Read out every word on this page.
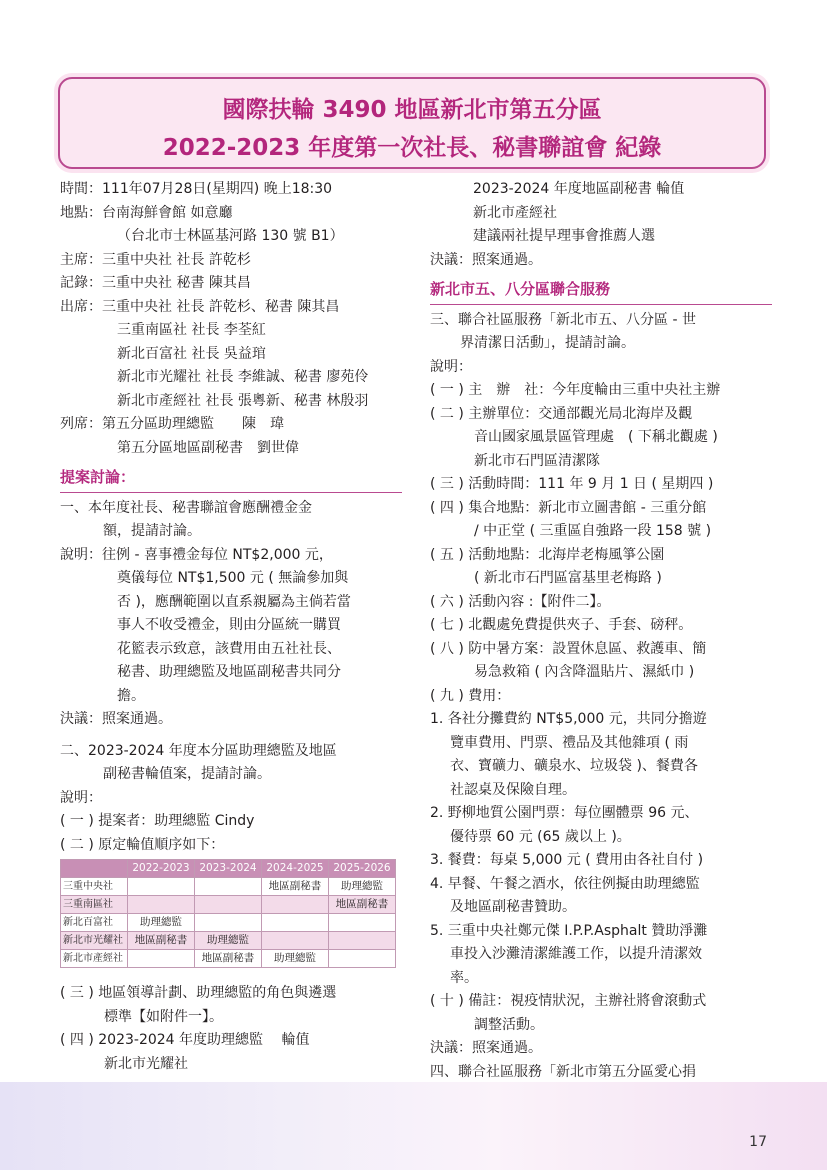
17
國際扶輪 3490 地區新北市第五分區
2022-2023 年度第一次社長、秘書聯誼會 紀錄
時間：111年07月28日(星期四) 晚上18:30
地點：台南海鮮會館 如意廳
（台北市士林區基河路 130 號 B1）
主席：三重中央社 社長 許乾杉
記錄：三重中央社 秘書 陳其昌
出席：三重中央社 社長 許乾杉、秘書 陳其昌
三重南區社 社長 李荃紅
新北百富社 社長 吳益琯
新北市光耀社 社長 李維誠、秘書 廖苑伶
新北市產經社 社長 張粵新、秘書 林殷羽
列席：第五分區助理總監　　陳　瑋
第五分區地區副秘書　劉世偉
提案討論：
一、本年度社長、秘書聯誼會應酬禮金金
額，提請討論。
說明：往例 - 喜事禮金每位 NT$2,000 元，
奠儀每位 NT$1,500 元 ( 無論參加與
否 )，應酬範圍以直系親屬為主倘若當
事人不收受禮金，則由分區統一購買
花籃表示致意，該費用由五社社長、
秘書、助理總監及地區副秘書共同分
擔。
決議：照案通過。
二、2023-2024 年度本分區助理總監及地區
副秘書輪值案，提請討論。
說明：
( 一 ) 提案者：助理總監 Cindy
( 二 ) 原定輪值順序如下：
	2022-2023	2023-2024	2024-2025	2025-2026
三重中央社			地區副秘書	助理總監
三重南區社				地區副秘書
新北百富社	助理總監			
新北市光耀社	地區副秘書	助理總監		
新北市產經社		地區副秘書	助理總監	
( 三 ) 地區領導計劃、助理總監的角色與遴選
標準【如附件一】。
( 四 ) 2023-2024 年度助理總監　 輪值
新北市光耀社
2023-2024 年度地區副秘書 輪值
新北市產經社
建議兩社提早理事會推薦人選
決議：照案通過。
新北市五、八分區聯合服務
三、聯合社區服務「新北市五、八分區 - 世
界清潔日活動」，提請討論。
說明：
( 一 ) 主　辦　社：今年度輪由三重中央社主辦
( 二 ) 主辦單位：交通部觀光局北海岸及觀
音山國家風景區管理處　( 下稱北觀處 )
新北市石門區清潔隊
( 三 ) 活動時間：111 年 9 月 1 日 ( 星期四 )
( 四 ) 集合地點：新北市立圖書館 - 三重分館
/ 中正堂 ( 三重區自強路一段 158 號 )
( 五 ) 活動地點：北海岸老梅風箏公園
( 新北市石門區富基里老梅路 )
( 六 ) 活動內容 :【附件二】。
( 七 ) 北觀處免費提供夾子、手套、磅秤。
( 八 ) 防中暑方案：設置休息區、救護車、簡
易急救箱 ( 內含降溫貼片、濕紙巾 )
( 九 ) 費用：
1. 各社分攤費約 NT$5,000 元，共同分擔遊
覽車費用、門票、禮品及其他雜項 ( 雨
衣、寶礦力、礦泉水、垃圾袋 )、餐費各
社認桌及保險自理。
2. 野柳地質公園門票：每位團體票 96 元、
優待票 60 元 (65 歲以上 )。
3. 餐費：每桌 5,000 元 ( 費用由各社自付 )
4. 早餐、午餐之酒水，依往例擬由助理總監
及地區副秘書贊助。
5. 三重中央社鄭元傑 I.P.P.Asphalt 贊助淨灘
車投入沙灘清潔維護工作，以提升清潔效
率。
( 十 ) 備註：視疫情狀況，主辦社將會滾動式
調整活動。
決議：照案通過。
四、聯合社區服務「新北市第五分區愛心捐
